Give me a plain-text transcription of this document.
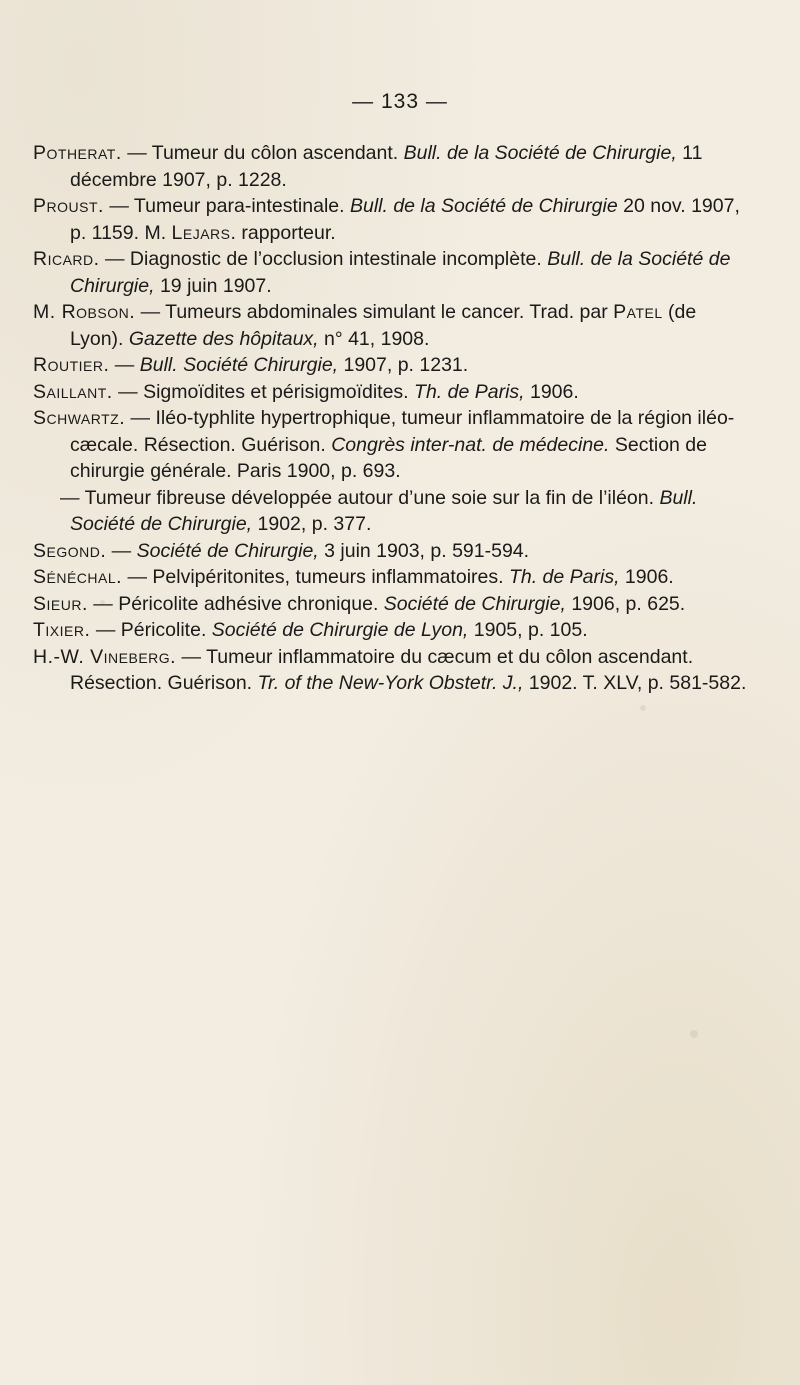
— 133 —

Potherat. — Tumeur du côlon ascendant. Bull. de la Société de Chirurgie, 11 décembre 1907, p. 1228.

Proust. — Tumeur para-intestinale. Bull. de la Société de Chirurgie 20 nov. 1907, p. 1159. M. Lejars. rapporteur.

Ricard. — Diagnostic de l’occlusion intestinale incomplète. Bull. de la Société de Chirurgie, 19 juin 1907.

M. Robson. — Tumeurs abdominales simulant le cancer. Trad. par Patel (de Lyon). Gazette des hôpitaux, n° 41, 1908.

Routier. — Bull. Société Chirurgie, 1907, p. 1231.

Saillant. — Sigmoïdites et périsigmoïdites. Th. de Paris, 1906.

Schwartz. — Iléo-typhlite hypertrophique, tumeur inflammatoire de la région iléo-cæcale. Résection. Guérison. Congrès inter-nat. de médecine. Section de chirurgie générale. Paris 1900, p. 693.

— Tumeur fibreuse développée autour d’une soie sur la fin de l’iléon. Bull. Société de Chirurgie, 1902, p. 377.

Segond. — Société de Chirurgie, 3 juin 1903, p. 591-594.

Sénéchal. — Pelvipéritonites, tumeurs inflammatoires. Th. de Paris, 1906.

Sieur. — Péricolite adhésive chronique. Société de Chirurgie, 1906, p. 625.

Tixier. — Péricolite. Société de Chirurgie de Lyon, 1905, p. 105.

H.-W. Vineberg. — Tumeur inflammatoire du cæcum et du côlon ascendant. Résection. Guérison. Tr. of the New-York Obstetr. J., 1902. T. XLV, p. 581-582.
